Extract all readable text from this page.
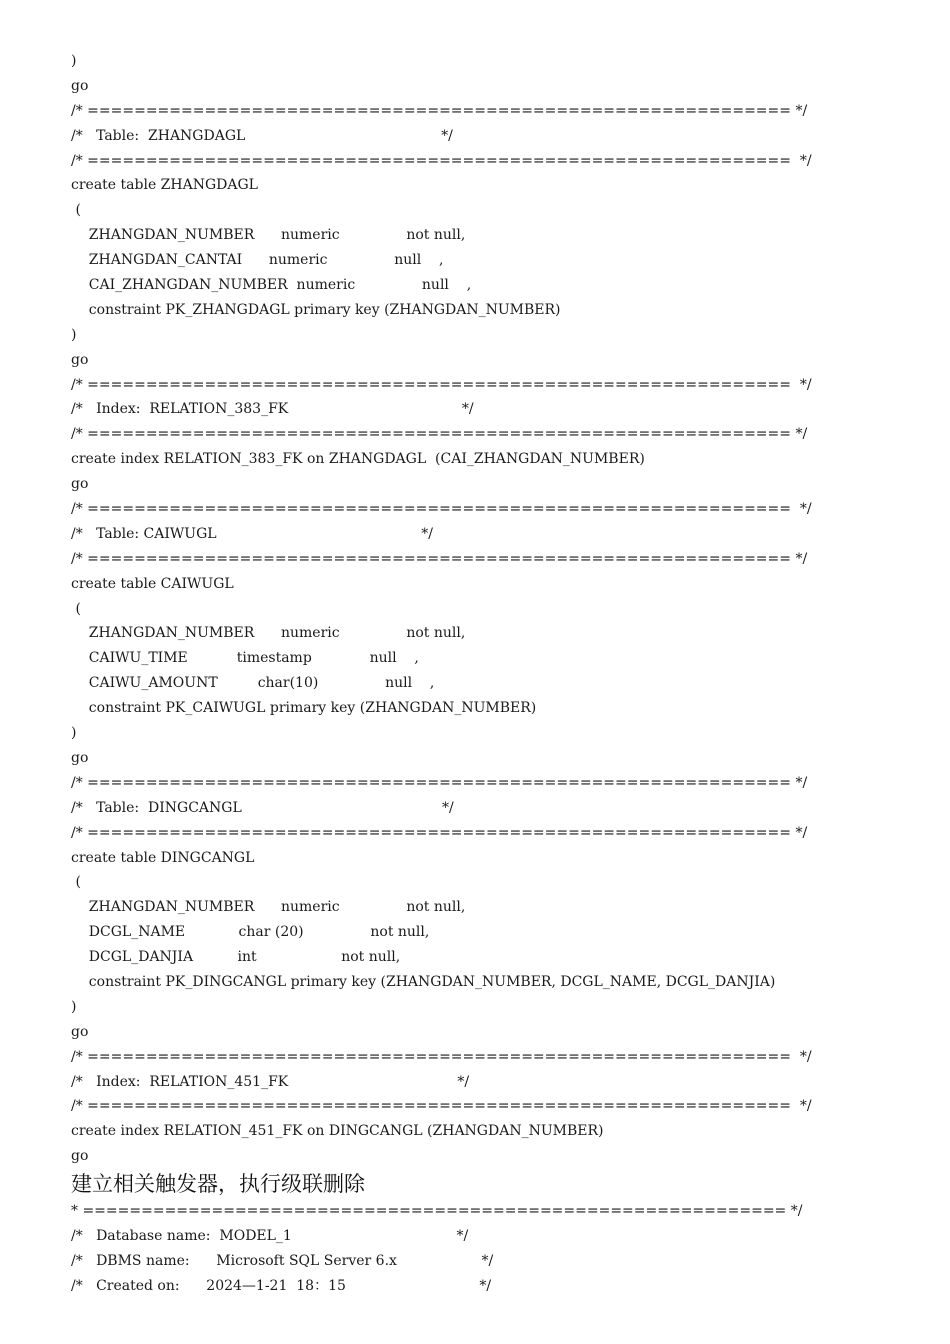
)
go
/* ============================================================ */
/*   Table:  ZHANGDAGL                                            */
/* ============================================================  */
create table ZHANGDAGL
(
ZHANGDAN_NUMBER      numeric               not null,
ZHANGDAN_CANTAI      numeric               null    ,
CAI_ZHANGDAN_NUMBER  numeric               null    ,
constraint PK_ZHANGDAGL primary key (ZHANGDAN_NUMBER)
)
go
/* ============================================================  */
/*   Index:  RELATION_383_FK                                       */
/* ============================================================ */
create index RELATION_383_FK on ZHANGDAGL  (CAI_ZHANGDAN_NUMBER)
go
/* ============================================================  */
/*   Table: CAIWUGL                                              */
/* ============================================================ */
create table CAIWUGL
(
ZHANGDAN_NUMBER      numeric               not null,
CAIWU_TIME           timestamp             null    ,
CAIWU_AMOUNT         char(10)               null    ,
constraint PK_CAIWUGL primary key (ZHANGDAN_NUMBER)
)
go
/* ============================================================ */
/*   Table:  DINGCANGL                                             */
/* ============================================================ */
create table DINGCANGL
(
ZHANGDAN_NUMBER      numeric               not null,
DCGL_NAME            char (20)               not null,
DCGL_DANJIA          int                   not null,
constraint PK_DINGCANGL primary key (ZHANGDAN_NUMBER, DCGL_NAME, DCGL_DANJIA)
)
go
/* ============================================================  */
/*   Index:  RELATION_451_FK                                      */
/* ============================================================  */
create index RELATION_451_FK on DINGCANGL (ZHANGDAN_NUMBER)
go
建立相关触发器，执行级联删除
* ============================================================ */
/*   Database name:  MODEL_1                                     */
/*   DBMS name:      Microsoft SQL Server 6.x                   */
/*   Created on:      2024—1-21  18：15                              */
